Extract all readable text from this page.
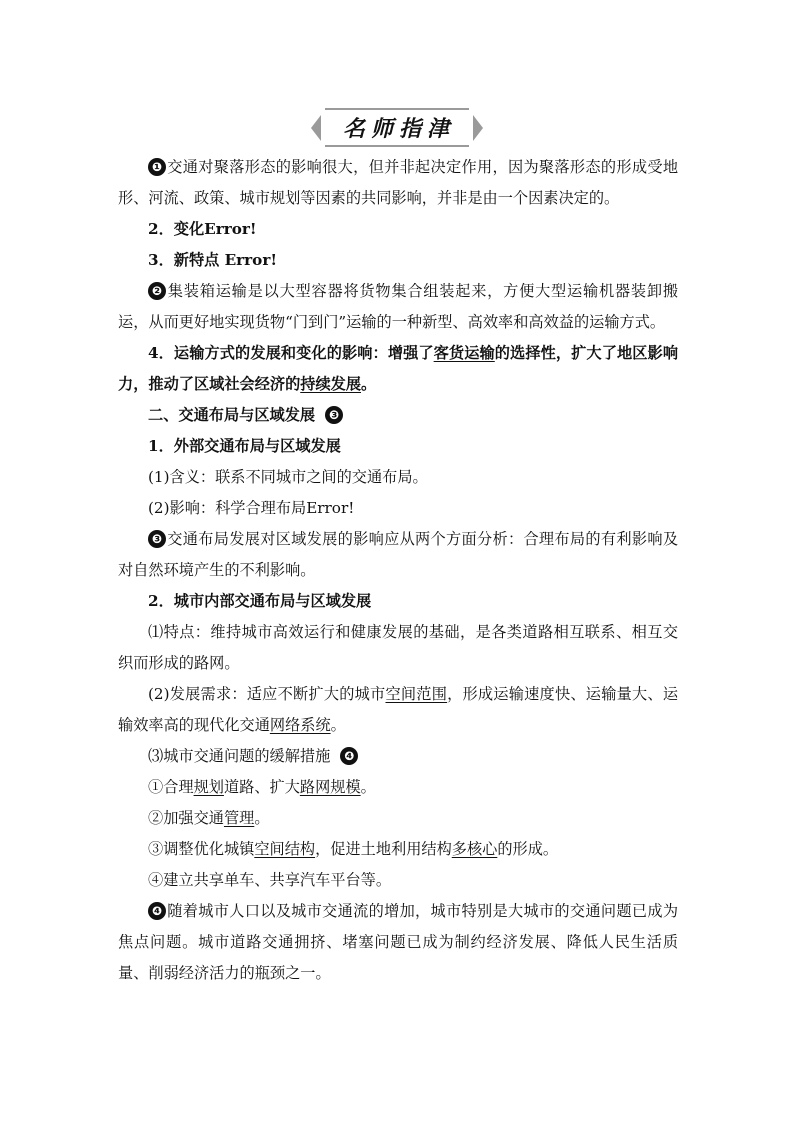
名师指津

❶ 交通对聚落形态的影响很大，但并非起决定作用，因为聚落形态的形成受地形、河流、政策、城市规划等因素的共同影响，并非是由一个因素决定的。

2．变化Error!

3．新特点 Error!

❷ 集装箱运输是以大型容器将货物集合组装起来，方便大型运输机器装卸搬运，从而更好地实现货物“门到门”运输的一种新型、高效率和高效益的运输方式。

4．运输方式的发展和变化的影响：增强了客货运输的选择性，扩大了地区影响力，推动了区域社会经济的持续发展。

二、交通布局与区域发展 ❸

1．外部交通布局与区域发展

(1)含义：联系不同城市之间的交通布局。

(2)影响：科学合理布局Error!

❸ 交通布局发展对区域发展的影响应从两个方面分析：合理布局的有利影响及对自然环境产生的不利影响。

2．城市内部交通布局与区域发展

⑴特点：维持城市高效运行和健康发展的基础，是各类道路相互联系、相互交织而形成的路网。

(2)发展需求：适应不断扩大的城市空间范围，形成运输速度快、运输量大、运输效率高的现代化交通网络系统。

⑶城市交通问题的缓解措施 ❹

①合理规划道路、扩大路网规模。

②加强交通管理。

③调整优化城镇空间结构，促进土地利用结构多核心的形成。

④建立共享单车、共享汽车平台等。

❹ 随着城市人口以及城市交通流的增加，城市特别是大城市的交通问题已成为焦点问题。城市道路交通拥挤、堵塞问题已成为制约经济发展、降低人民生活质量、削弱经济活力的瓶颈之一。
